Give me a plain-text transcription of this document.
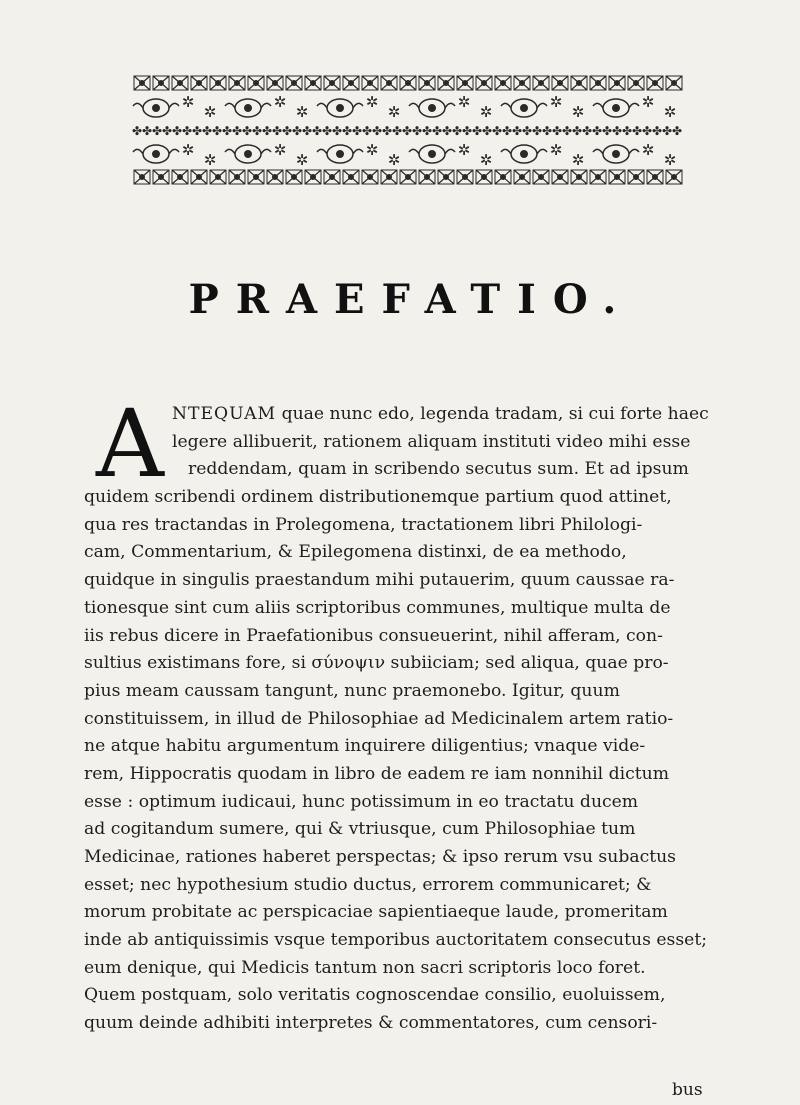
✲
✲
✲
✲
✲
✲
✲
✲
✲
✲
✲
✲
✤ ✤ ✤ ✤ ✤ ✤ ✤ ✤ ✤ ✤ ✤ ✤ ✤ ✤ ✤ ✤ ✤ ✤ ✤ ✤ ✤ ✤ ✤ ✤ ✤ ✤ ✤ ✤ ✤ ✤ ✤ ✤ ✤ ✤ ✤ ✤ ✤ ✤ ✤ ✤ ✤ ✤ ✤ ✤ ✤ ✤ ✤ ✤ ✤ ✤ ✤ ✤ ✤ ✤ ✤
✲
✲
✲
✲
✲
✲
✲
✲
✲
✲
✲
✲
PRAEFATIO.
A NTEQUAM quae nunc edo, legenda tradam, si cui forte haec
legere allibuerit, rationem aliquam instituti video mihi esse
reddendam, quam in scribendo secutus sum. Et ad ipsum
quidem scribendi ordinem distributionemque partium quod attinet,
qua res tractandas in Prolegomena, tractationem libri Philologi-
cam, Commentarium, & Epilegomena distinxi, de ea methodo,
quidque in singulis praestandum mihi putauerim, quum caussae ra-
tionesque sint cum aliis scriptoribus communes, multique multa de
iis rebus dicere in Praefationibus consueuerint, nihil afferam, con-
sultius existimans fore, si σύνοψιν subiiciam; sed aliqua, quae pro-
pius meam caussam tangunt, nunc praemonebo. Igitur, quum
constituissem, in illud de Philosophiae ad Medicinalem artem ratio-
ne atque habitu argumentum inquirere diligentius; vnaque vide-
rem, Hippocratis quodam in libro de eadem re iam nonnihil dictum
esse : optimum iudicaui, hunc potissimum in eo tractatu ducem
ad cogitandum sumere, qui & vtriusque, cum Philosophiae tum
Medicinae, rationes haberet perspectas; & ipso rerum vsu subactus
esset; nec hypothesium studio ductus, errorem communicaret; &
morum probitate ac perspicaciae sapientiaeque laude, promeritam
inde ab antiquissimis vsque temporibus auctoritatem consecutus esset;
eum denique, qui Medicis tantum non sacri scriptoris loco foret.
Quem postquam, solo veritatis cognoscendae consilio, euoluissem,
quum deinde adhibiti interpretes & commentatores, cum censori-
bus
